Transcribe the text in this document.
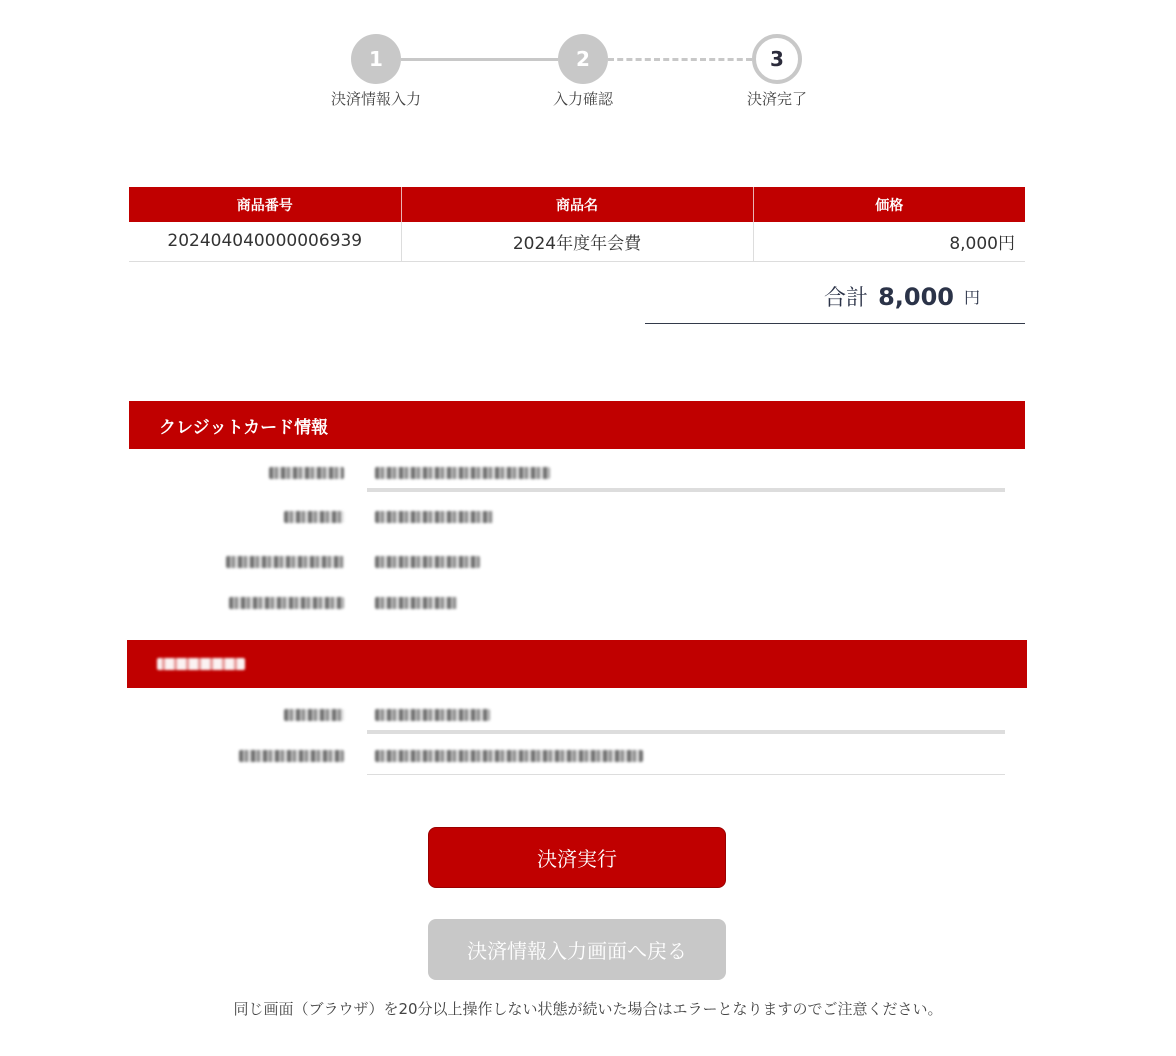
1	2	3
決済情報入力	入力確認	決済完了
商品番号	商品名	価格
202404040000006939	2024年度年会費	8,000円
合計 8,000 円
クレジットカード情報
決済実行
決済情報入力画面へ戻る
同じ画面（ブラウザ）を20分以上操作しない状態が続いた場合はエラーとなりますのでご注意ください。
